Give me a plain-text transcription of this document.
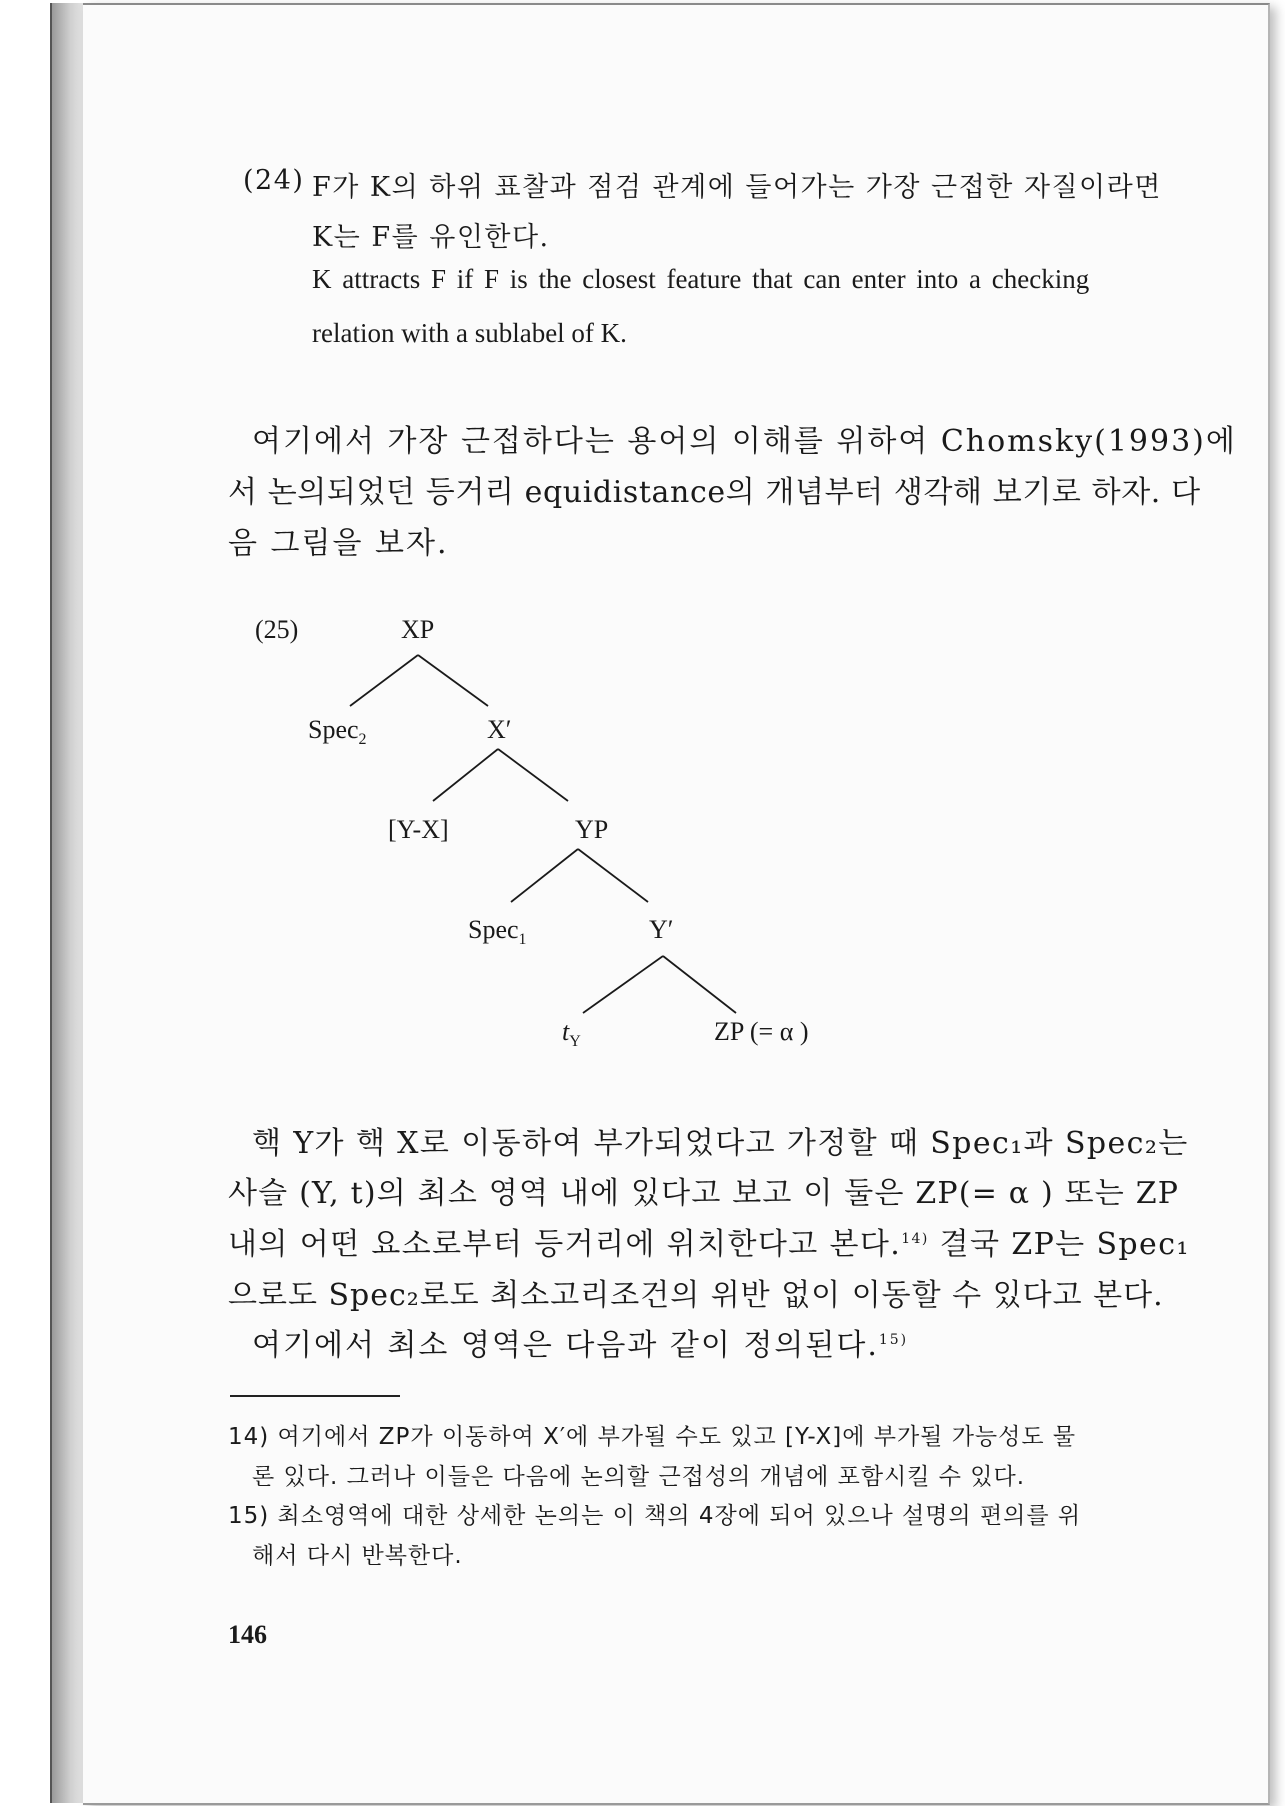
(24) F가 K의 하위 표찰과 점검 관계에 들어가는 가장 근접한 자질이라면
K는 F를 유인한다.
K attracts F if F is the closest feature that can enter into a checking
relation with a sublabel of K.
여기에서 가장 근접하다는 용어의 이해를 위하여 Chomsky(1993)에
서 논의되었던 등거리 equidistance의 개념부터 생각해 보기로 하자. 다
음 그림을 보자.
(25)	XP
Spec$_2$	X′
[Y-X]	YP
Spec$_1$	Y′
$t_Y$	ZP (= α )
핵 Y가 핵 X로 이동하여 부가되었다고 가정할 때 Spec₁과 Spec₂는
사슬 (Y, t)의 최소 영역 내에 있다고 보고 이 둘은 ZP(= α ) 또는 ZP
내의 어떤 요소로부터 등거리에 위치한다고 본다.$^{14)}$ 결국 ZP는 Spec₁
으로도 Spec₂로도 최소고리조건의 위반 없이 이동할 수 있다고 본다.
여기에서 최소 영역은 다음과 같이 정의된다.$^{15)}$
14) 여기에서 ZP가 이동하여 X′에 부가될 수도 있고 [Y-X]에 부가될 가능성도 물
론 있다. 그러나 이들은 다음에 논의할 근접성의 개념에 포함시킬 수 있다.
15) 최소영역에 대한 상세한 논의는 이 책의 4장에 되어 있으나 설명의 편의를 위
해서 다시 반복한다.
146
